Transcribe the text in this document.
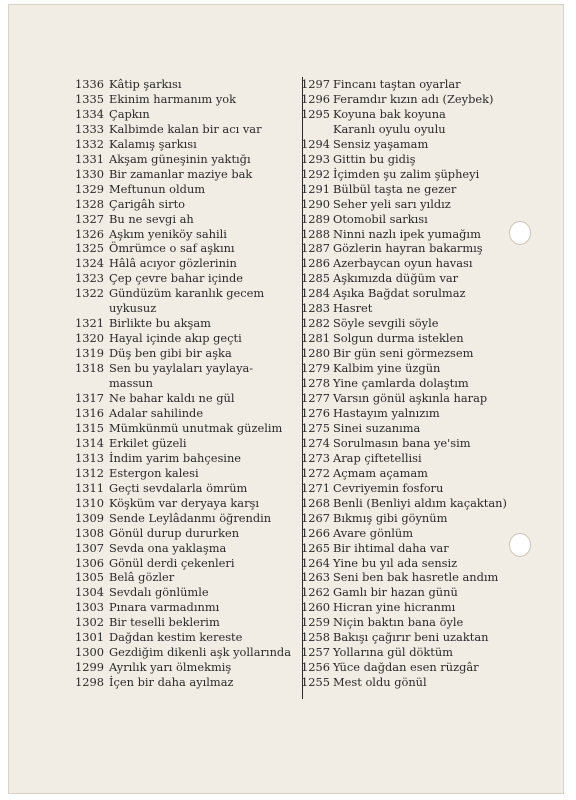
1336 Kâtip şarkısı
1335 Ekinim harmanım yok
1334 Çapkın
1333 Kalbimde kalan bir acı var
1332 Kalamış şarkısı
1331 Akşam güneşinin yaktığı
1330 Bir zamanlar maziye bak
1329 Meftunun oldum
1328 Çarigâh sirto
1327 Bu ne sevgi ah
1326 Aşkım yeniköy sahili
1325 Ömrümce o saf aşkını
1324 Hâlâ acıyor gözlerinin
1323 Çep çevre bahar içinde
1322 Gündüzüm karanlık gecem
uykusuz
1321 Birlikte bu akşam
1320 Hayal içinde akıp geçti
1319 Düş ben gibi bir aşka
1318 Sen bu yaylaları yaylaya-
massun
1317 Ne bahar kaldı ne gül
1316 Adalar sahilinde
1315 Mümkünmü unutmak güzelim
1314 Erkilet güzeli
1313 İndim yarim bahçesine
1312 Estergon kalesi
1311 Geçti sevdalarla ömrüm
1310 Köşküm var deryaya karşı
1309 Sende Leylâdanmı öğrendin
1308 Gönül durup dururken
1307 Sevda ona yaklaşma
1306 Gönül derdi çekenleri
1305 Belâ gözler
1304 Sevdalı gönlümle
1303 Pınara varmadınmı
1302 Bir teselli beklerim
1301 Dağdan kestim kereste
1300 Gezdiğim dikenli aşk yollarında
1299 Ayrılık yarı ölmekmiş
1298 İçen bir daha ayılmaz
1297 Fincanı taştan oyarlar
1296 Feramdır kızın adı (Zeybek)
1295 Koyuna bak koyuna
Karanlı oyulu oyulu
1294 Sensiz yaşamam
1293 Gittin bu gidiş
1292 İçimden şu zalim şüpheyi
1291 Bülbül taşta ne gezer
1290 Seher yeli sarı yıldız
1289 Otomobil sarkısı
1288 Ninni nazlı ipek yumağım
1287 Gözlerin hayran bakarmış
1286 Azerbaycan oyun havası
1285 Aşkımızda düğüm var
1284 Aşıka Bağdat sorulmaz
1283 Hasret
1282 Söyle sevgili söyle
1281 Solgun durma isteklen
1280 Bir gün seni görmezsem
1279 Kalbim yine üzgün
1278 Yine çamlarda dolaştım
1277 Varsın gönül aşkınla harap
1276 Hastayım yalnızım
1275 Sinei suzanıma
1274 Sorulmasın bana ye'sim
1273 Arap çiftetellisi
1272 Açmam açamam
1271 Cevriyemin fosforu
1268 Benli (Benliyi aldım kaçaktan)
1267 Bıkmış gibi göynüm
1266 Avare gönlüm
1265 Bir ihtimal daha var
1264 Yine bu yıl ada sensiz
1263 Seni ben bak hasretle andım
1262 Gamlı bir hazan günü
1260 Hicran yine hicranmı
1259 Niçin baktın bana öyle
1258 Bakışı çağırır beni uzaktan
1257 Yollarına gül döktüm
1256 Yüce dağdan esen rüzgâr
1255 Mest oldu gönül
